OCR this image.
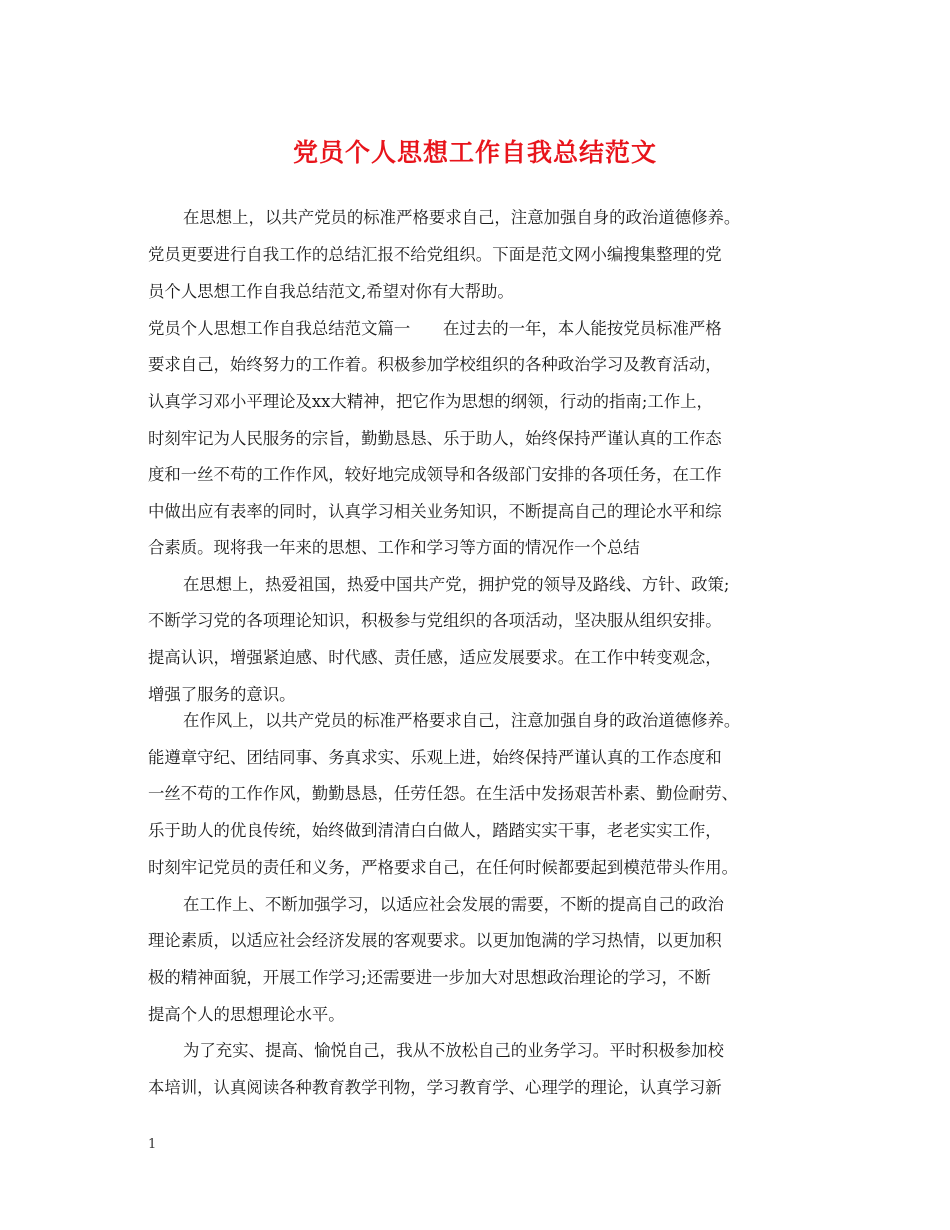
党员个人思想工作自我总结范文

在思想上，以共产党员的标准严格要求自己，注意加强自身的政治道德修养。

党员更要进行自我工作的总结汇报不给党组织。下面是范文网小编搜集整理的党

员个人思想工作自我总结范文,希望对你有大帮助。

党员个人思想工作自我总结范文篇一　　在过去的一年，本人能按党员标准严格

要求自己，始终努力的工作着。积极参加学校组织的各种政治学习及教育活动，

认真学习邓小平理论及xx大精神，把它作为思想的纲领，行动的指南;工作上，

时刻牢记为人民服务的宗旨，勤勤恳恳、乐于助人，始终保持严谨认真的工作态

度和一丝不苟的工作作风，较好地完成领导和各级部门安排的各项任务，在工作

中做出应有表率的同时，认真学习相关业务知识，不断提高自己的理论水平和综

合素质。现将我一年来的思想、工作和学习等方面的情况作一个总结

在思想上，热爱祖国，热爱中国共产党，拥护党的领导及路线、方针、政策;

不断学习党的各项理论知识，积极参与党组织的各项活动，坚决服从组织安排。

提高认识，增强紧迫感、时代感、责任感，适应发展要求。在工作中转变观念，

增强了服务的意识。

在作风上，以共产党员的标准严格要求自己，注意加强自身的政治道德修养。

能遵章守纪、团结同事、务真求实、乐观上进，始终保持严谨认真的工作态度和

一丝不苟的工作作风，勤勤恳恳，任劳任怨。在生活中发扬艰苦朴素、勤俭耐劳、

乐于助人的优良传统，始终做到清清白白做人，踏踏实实干事，老老实实工作，

时刻牢记党员的责任和义务，严格要求自己，在任何时候都要起到模范带头作用。

在工作上、不断加强学习，以适应社会发展的需要，不断的提高自己的政治

理论素质，以适应社会经济发展的客观要求。以更加饱满的学习热情，以更加积

极的精神面貌，开展工作学习;还需要进一步加大对思想政治理论的学习，不断

提高个人的思想理论水平。

为了充实、提高、愉悦自己，我从不放松自己的业务学习。平时积极参加校

本培训，认真阅读各种教育教学刊物，学习教育学、心理学的理论，认真学习新

1
